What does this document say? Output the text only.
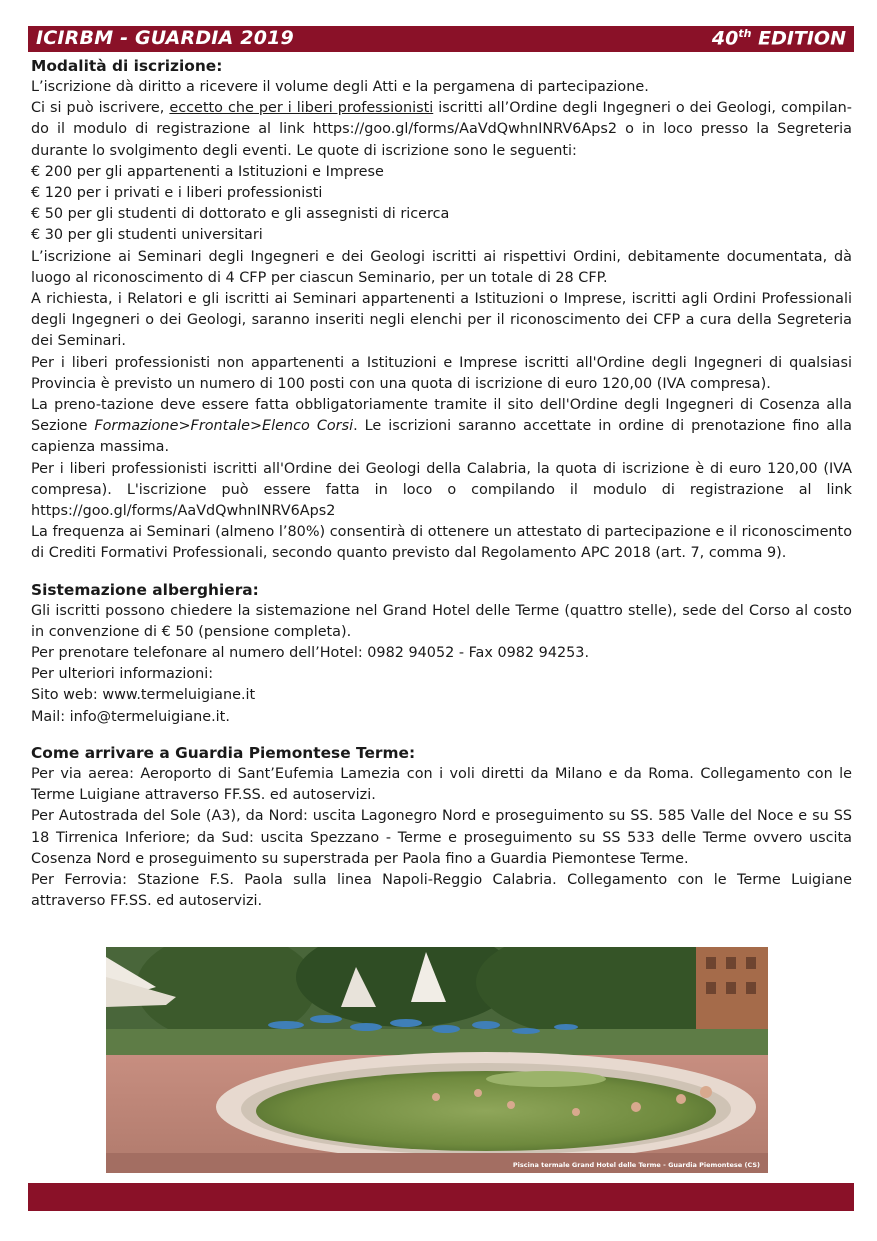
ICIRBM - GUARDIA 2019	40th EDITION
Modalità di iscrizione:
L’iscrizione dà diritto a ricevere il volume degli Atti e la pergamena di partecipazione.
Ci si può iscrivere, eccetto che per i liberi professionisti iscritti all’Ordine degli Ingegneri o dei Geologi, compilan-do il modulo di registrazione al link https://goo.gl/forms/AaVdQwhnINRV6Aps2 o in loco presso la Segreteria durante lo svolgimento degli eventi. Le quote di iscrizione sono le seguenti:
€ 200 per gli appartenenti a Istituzioni e Imprese
€ 120 per i privati e i liberi professionisti
€ 50 per gli studenti di dottorato e gli assegnisti di ricerca
€ 30 per gli studenti universitari
L’iscrizione ai Seminari degli Ingegneri e dei Geologi iscritti ai rispettivi Ordini, debitamente documentata, dà luogo al riconoscimento di 4 CFP per ciascun Seminario, per un totale di 28 CFP.
A richiesta, i Relatori e gli iscritti ai Seminari appartenenti a Istituzioni o Imprese, iscritti agli Ordini Professionali degli Ingegneri o dei Geologi, saranno inseriti negli elenchi per il riconoscimento dei CFP a cura della Segreteria dei Seminari.
Per i liberi professionisti non appartenenti a Istituzioni e Imprese iscritti all'Ordine degli Ingegneri di qualsiasi Provincia è previsto un numero di 100 posti con una quota di iscrizione di euro 120,00 (IVA compresa).
La preno-tazione deve essere fatta obbligatoriamente tramite il sito dell'Ordine degli Ingegneri di Cosenza alla Sezione Formazione>Frontale>Elenco Corsi. Le iscrizioni saranno accettate in ordine di prenotazione fino alla capienza massima.
Per i liberi professionisti iscritti all'Ordine dei Geologi della Calabria, la quota di iscrizione è di euro 120,00 (IVA compresa). L'iscrizione può essere fatta in loco o compilando il modulo di registrazione al link https://goo.gl/forms/AaVdQwhnINRV6Aps2
La frequenza ai Seminari (almeno l’80%) consentirà di ottenere un attestato di partecipazione e il riconoscimento di Crediti Formativi Professionali, secondo quanto previsto dal Regolamento APC 2018 (art. 7, comma 9).
Sistemazione alberghiera:
Gli iscritti possono chiedere la sistemazione nel Grand Hotel delle Terme (quattro stelle), sede del Corso al costo in convenzione di € 50 (pensione completa).
Per prenotare telefonare al numero dell’Hotel: 0982 94052 - Fax 0982 94253.
Per ulteriori informazioni:
Sito web: www.termeluigiane.it
Mail: info@termeluigiane.it.
Come arrivare a Guardia Piemontese Terme:
Per via aerea: Aeroporto di Sant’Eufemia Lamezia con i voli diretti da Milano e da Roma. Collegamento con le Terme Luigiane attraverso FF.SS. ed autoservizi.
Per Autostrada del Sole (A3), da Nord: uscita Lagonegro Nord e proseguimento su SS. 585 Valle del Noce e su SS 18 Tirrenica Inferiore; da Sud: uscita Spezzano - Terme e proseguimento su SS 533 delle Terme ovvero uscita Cosenza Nord e proseguimento su superstrada per Paola fino a Guardia Piemontese Terme.
Per Ferrovia: Stazione F.S. Paola sulla linea Napoli-Reggio Calabria. Collegamento con le Terme Luigiane attraverso FF.SS. ed autoservizi.
Piscina termale Grand Hotel delle Terme - Guardia Piemontese (CS)
